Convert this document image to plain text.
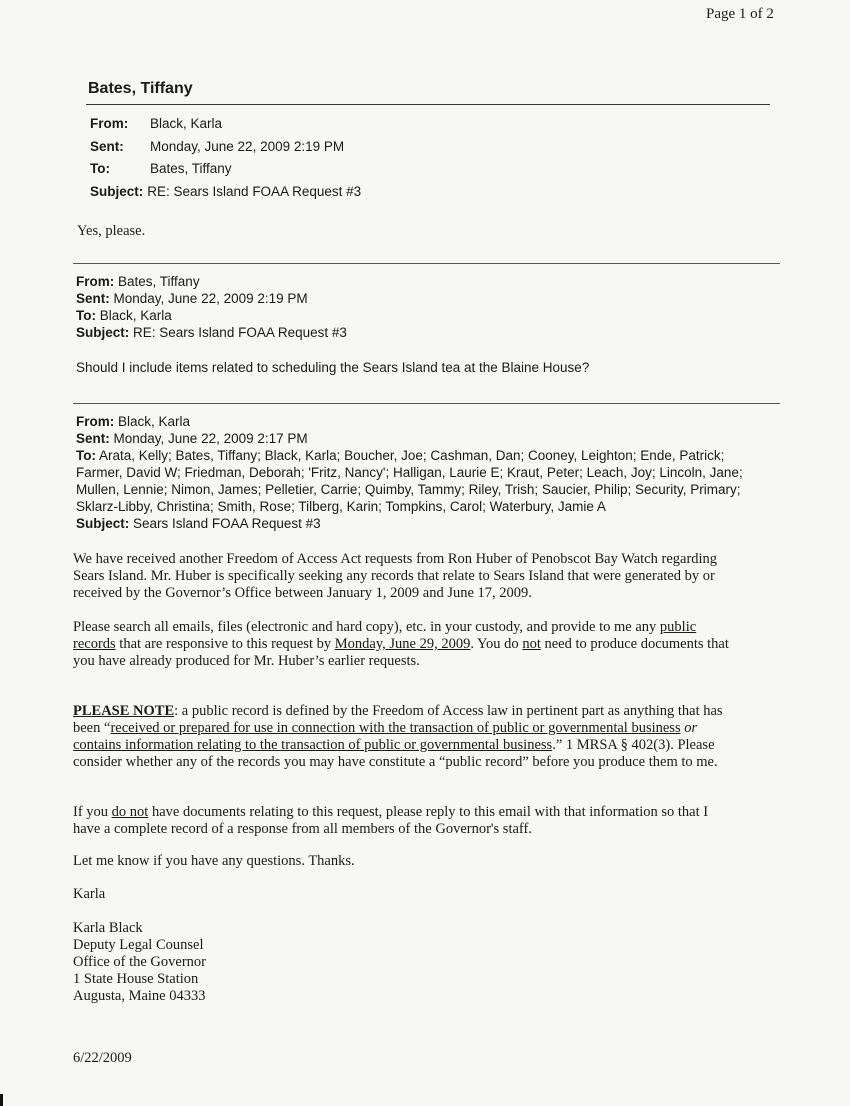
Page 1 of 2
Bates, Tiffany
From:	Black, Karla
Sent:	Monday, June 22, 2009 2:19 PM
To:	Bates, Tiffany
Subject: RE: Sears Island FOAA Request #3
Yes, please.
From: Bates, Tiffany
Sent: Monday, June 22, 2009 2:19 PM
To: Black, Karla
Subject: RE: Sears Island FOAA Request #3
Should I include items related to scheduling the Sears Island tea at the Blaine House?
From: Black, Karla
Sent: Monday, June 22, 2009 2:17 PM
To: Arata, Kelly; Bates, Tiffany; Black, Karla; Boucher, Joe; Cashman, Dan; Cooney, Leighton; Ende, Patrick;
Farmer, David W; Friedman, Deborah; 'Fritz, Nancy'; Halligan, Laurie E; Kraut, Peter; Leach, Joy; Lincoln, Jane;
Mullen, Lennie; Nimon, James; Pelletier, Carrie; Quimby, Tammy; Riley, Trish; Saucier, Philip; Security, Primary;
Sklarz-Libby, Christina; Smith, Rose; Tilberg, Karin; Tompkins, Carol; Waterbury, Jamie A
Subject: Sears Island FOAA Request #3
We have received another Freedom of Access Act requests from Ron Huber of Penobscot Bay Watch regarding
Sears Island. Mr. Huber is specifically seeking any records that relate to Sears Island that were generated by or
received by the Governor’s Office between January 1, 2009 and June 17, 2009.
Please search all emails, files (electronic and hard copy), etc. in your custody, and provide to me any public
records that are responsive to this request by Monday, June 29, 2009. You do not need to produce documents that
you have already produced for Mr. Huber’s earlier requests.
PLEASE NOTE: a public record is defined by the Freedom of Access law in pertinent part as anything that has
been “received or prepared for use in connection with the transaction of public or governmental business or
contains information relating to the transaction of public or governmental business.” 1 MRSA § 402(3). Please
consider whether any of the records you may have constitute a “public record” before you produce them to me.
If you do not have documents relating to this request, please reply to this email with that information so that I
have a complete record of a response from all members of the Governor's staff.
Let me know if you have any questions. Thanks.
Karla
Karla Black
Deputy Legal Counsel
Office of the Governor
1 State House Station
Augusta, Maine 04333
6/22/2009
